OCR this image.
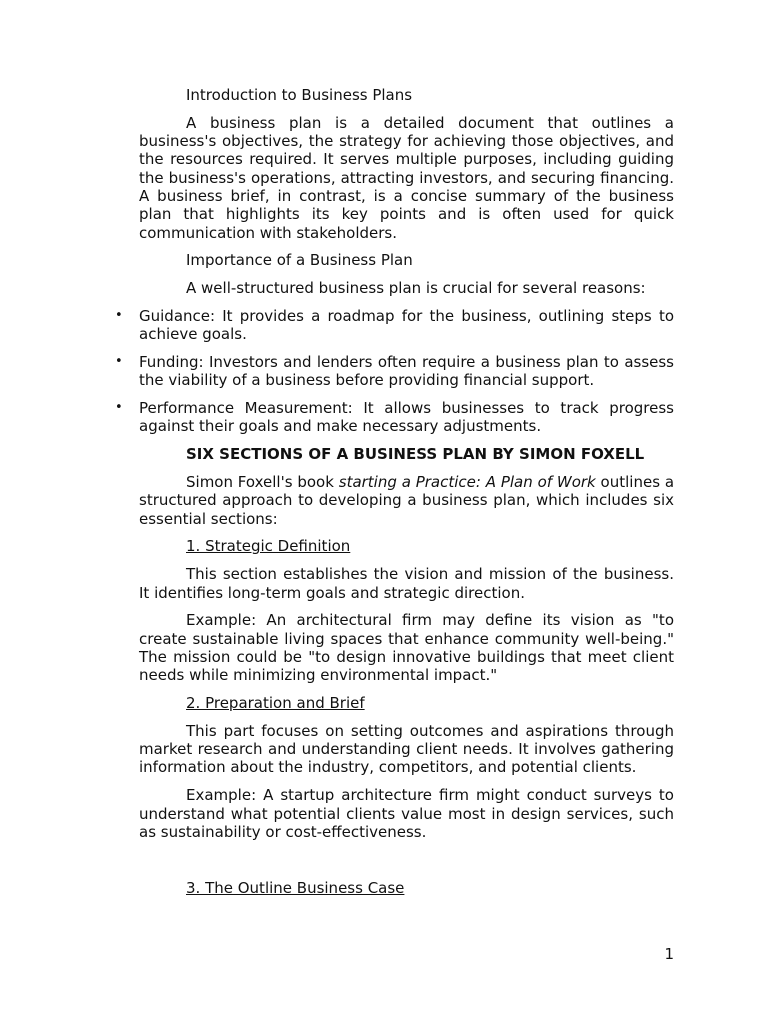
Introduction to Business Plans

A business plan is a detailed document that outlines a business's objectives, the strategy for achieving those objectives, and the resources required. It serves multiple purposes, including guiding the business's operations, attracting investors, and securing financing. A business brief, in contrast, is a concise summary of the business plan that highlights its key points and is often used for quick communication with stakeholders.

Importance of a Business Plan

A well-structured business plan is crucial for several reasons:

• Guidance: It provides a roadmap for the business, outlining steps to achieve goals.
• Funding: Investors and lenders often require a business plan to assess the viability of a business before providing financial support.
• Performance Measurement: It allows businesses to track progress against their goals and make necessary adjustments.

SIX SECTIONS OF A BUSINESS PLAN BY SIMON FOXELL

Simon Foxell's book starting a Practice: A Plan of Work outlines a structured approach to developing a business plan, which includes six essential sections:

1. Strategic Definition

This section establishes the vision and mission of the business. It identifies long-term goals and strategic direction.

Example: An architectural firm may define its vision as "to create sustainable living spaces that enhance community well-being." The mission could be "to design innovative buildings that meet client needs while minimizing environmental impact."

2. Preparation and Brief

This part focuses on setting outcomes and aspirations through market research and understanding client needs. It involves gathering information about the industry, competitors, and potential clients.

Example: A startup architecture firm might conduct surveys to understand what potential clients value most in design services, such as sustainability or cost-effectiveness.

3. The Outline Business Case

1
